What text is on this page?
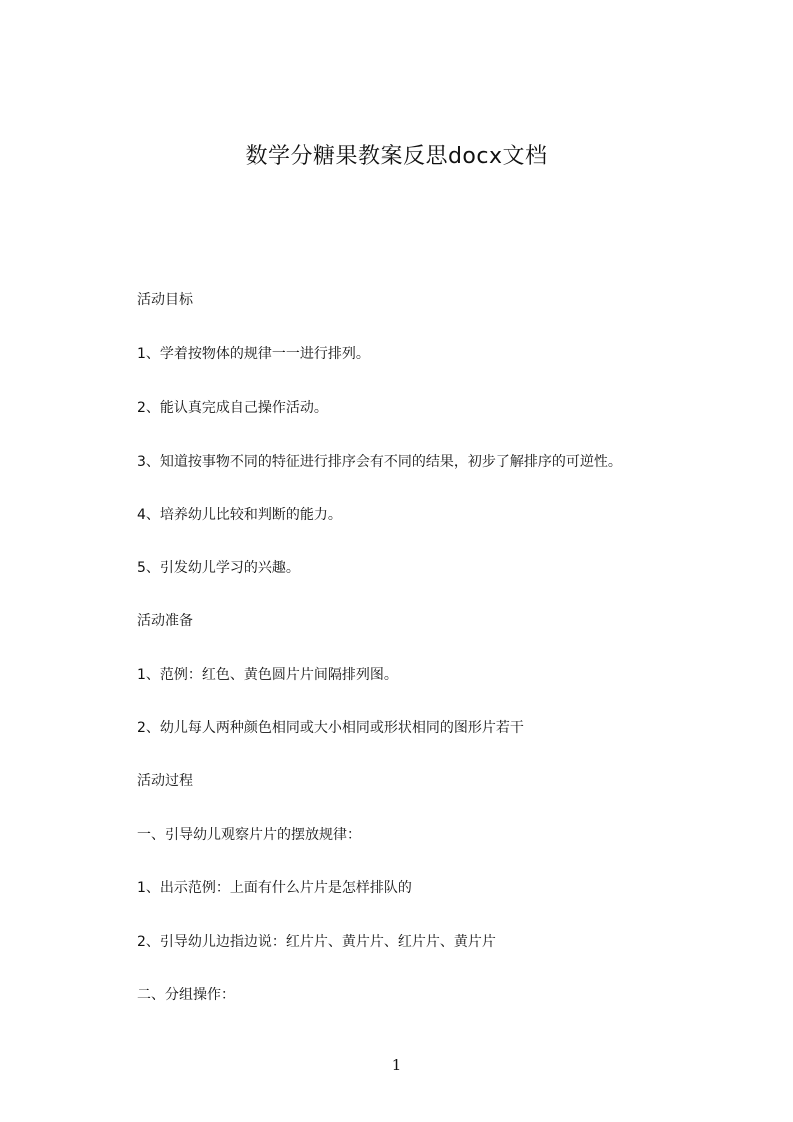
数学分糖果教案反思docx文档
活动目标
1、学着按物体的规律一一进行排列。
2、能认真完成自己操作活动。
3、知道按事物不同的特征进行排序会有不同的结果，初步了解排序的可逆性。
4、培养幼儿比较和判断的能力。
5、引发幼儿学习的兴趣。
活动准备
1、范例：红色、黄色圆片片间隔排列图。
2、幼儿每人两种颜色相同或大小相同或形状相同的图形片若干
活动过程
一、引导幼儿观察片片的摆放规律：
1、出示范例：上面有什么片片是怎样排队的
2、引导幼儿边指边说：红片片、黄片片、红片片、黄片片
二、分组操作：
1
